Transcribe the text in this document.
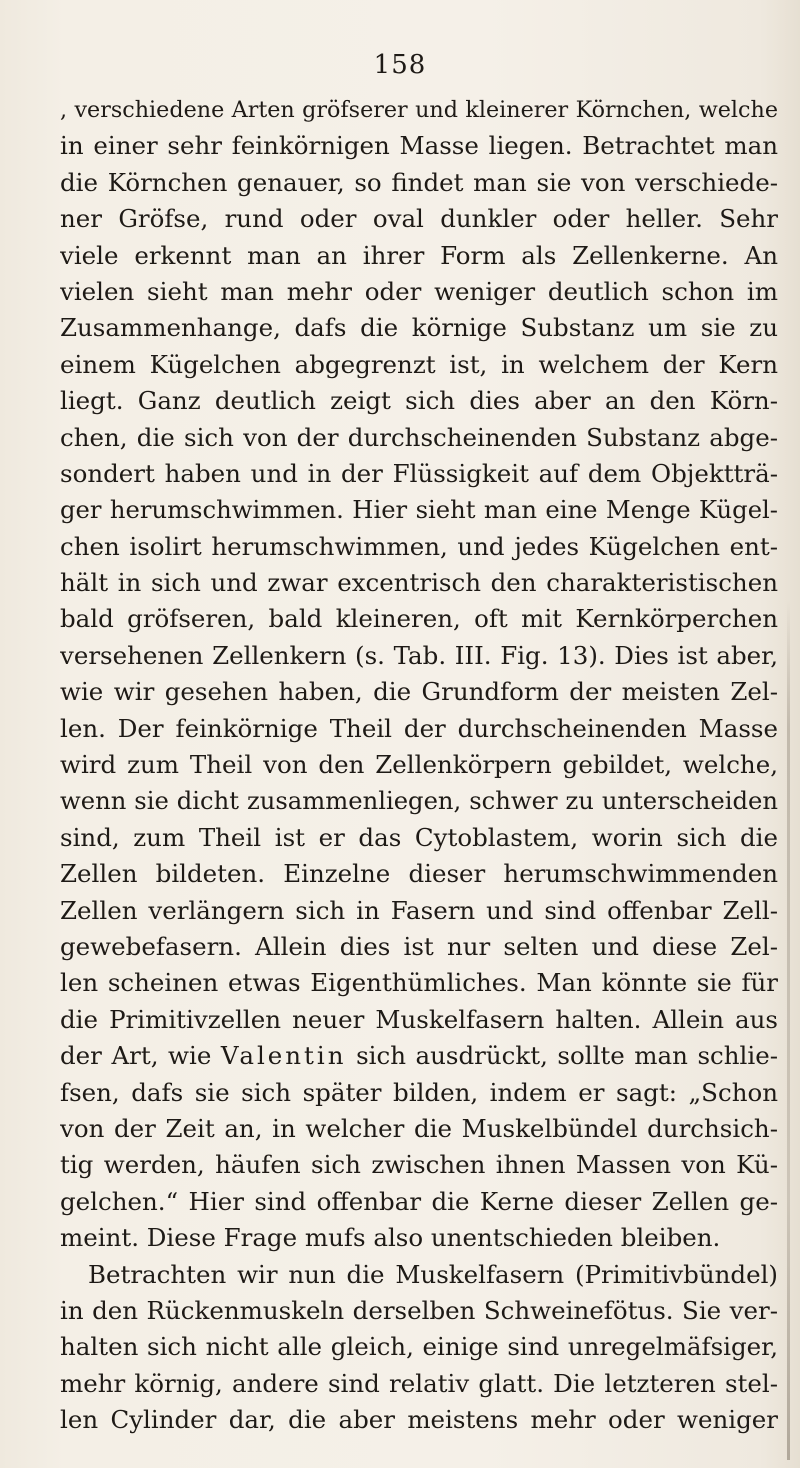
158
, verschiedene Arten gröfserer und kleinerer Körnchen, welche
in einer sehr feinkörnigen Masse liegen. Betrachtet man
die Körnchen genauer, so findet man sie von verschiede-
ner Gröfse, rund oder oval dunkler oder heller. Sehr
viele erkennt man an ihrer Form als Zellenkerne. An
vielen sieht man mehr oder weniger deutlich schon im
Zusammenhange, dafs die körnige Substanz um sie zu
einem Kügelchen abgegrenzt ist, in welchem der Kern
liegt. Ganz deutlich zeigt sich dies aber an den Körn-
chen, die sich von der durchscheinenden Substanz abge-
sondert haben und in der Flüssigkeit auf dem Objektträ-
ger herumschwimmen. Hier sieht man eine Menge Kügel-
chen isolirt herumschwimmen, und jedes Kügelchen ent-
hält in sich und zwar excentrisch den charakteristischen
bald gröfseren, bald kleineren, oft mit Kernkörperchen
versehenen Zellenkern (s. Tab. III. Fig. 13). Dies ist aber,
wie wir gesehen haben, die Grundform der meisten Zel-
len. Der feinkörnige Theil der durchscheinenden Masse
wird zum Theil von den Zellenkörpern gebildet, welche,
wenn sie dicht zusammenliegen, schwer zu unterscheiden
sind, zum Theil ist er das Cytoblastem, worin sich die
Zellen bildeten. Einzelne dieser herumschwimmenden
Zellen verlängern sich in Fasern und sind offenbar Zell-
gewebefasern. Allein dies ist nur selten und diese Zel-
len scheinen etwas Eigenthümliches. Man könnte sie für
die Primitivzellen neuer Muskelfasern halten. Allein aus
der Art, wie Valentin sich ausdrückt, sollte man schlie-
fsen, dafs sie sich später bilden, indem er sagt: „Schon
von der Zeit an, in welcher die Muskelbündel durchsich-
tig werden, häufen sich zwischen ihnen Massen von Kü-
gelchen.“ Hier sind offenbar die Kerne dieser Zellen ge-
meint. Diese Frage mufs also unentschieden bleiben.
Betrachten wir nun die Muskelfasern (Primitivbündel)
in den Rückenmuskeln derselben Schweinefötus. Sie ver-
halten sich nicht alle gleich, einige sind unregelmäfsiger,
mehr körnig, andere sind relativ glatt. Die letzteren stel-
len Cylinder dar, die aber meistens mehr oder weniger
